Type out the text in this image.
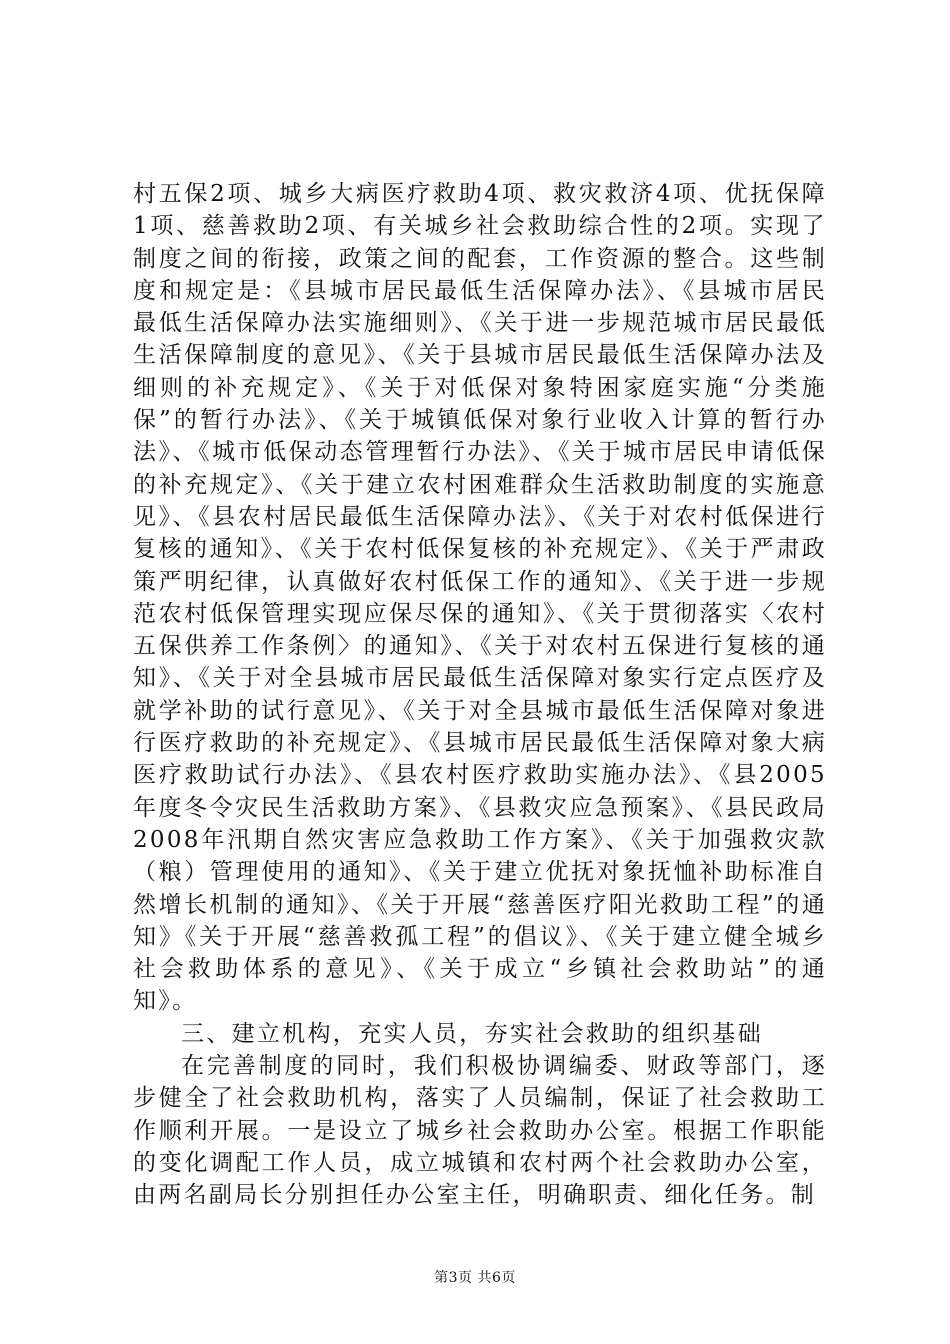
村五保2项、城乡大病医疗救助4项、救灾救济4项、优抚保障1项、慈善救助2项、有关城乡社会救助综合性的2项。实现了制度之间的衔接，政策之间的配套，工作资源的整合。这些制度和规定是：《县城市居民最低生活保障办法》、《县城市居民最低生活保障办法实施细则》、《关于进一步规范城市居民最低生活保障制度的意见》、《关于县城市居民最低生活保障办法及细则的补充规定》、《关于对低保对象特困家庭实施“分类施保”的暂行办法》、《关于城镇低保对象行业收入计算的暂行办法》、《城市低保动态管理暂行办法》、《关于城市居民申请低保的补充规定》、《关于建立农村困难群众生活救助制度的实施意见》、《县农村居民最低生活保障办法》、《关于对农村低保进行复核的通知》、《关于农村低保复核的补充规定》、《关于严肃政策严明纪律，认真做好农村低保工作的通知》、《关于进一步规范农村低保管理实现应保尽保的通知》、《关于贯彻落实〈农村五保供养工作条例〉的通知》、《关于对农村五保进行复核的通知》、《关于对全县城市居民最低生活保障对象实行定点医疗及就学补助的试行意见》、《关于对全县城市最低生活保障对象进行医疗救助的补充规定》、《县城市居民最低生活保障对象大病医疗救助试行办法》、《县农村医疗救助实施办法》、《县2005年度冬令灾民生活救助方案》、《县救灾应急预案》、《县民政局2008年汛期自然灾害应急救助工作方案》、《关于加强救灾款（粮）管理使用的通知》、《关于建立优抚对象抚恤补助标准自然增长机制的通知》、《关于开展“慈善医疗阳光救助工程”的通知》《关于开展“慈善救孤工程”的倡议》、《关于建立健全城乡社会救助体系的意见》、《关于成立“乡镇社会救助站”的通知》。

三、建立机构，充实人员，夯实社会救助的组织基础

在完善制度的同时，我们积极协调编委、财政等部门，逐步健全了社会救助机构，落实了人员编制，保证了社会救助工作顺利开展。一是设立了城乡社会救助办公室。根据工作职能的变化调配工作人员，成立城镇和农村两个社会救助办公室，由两名副局长分别担任办公室主任，明确职责、细化任务。制

第3页 共6页
